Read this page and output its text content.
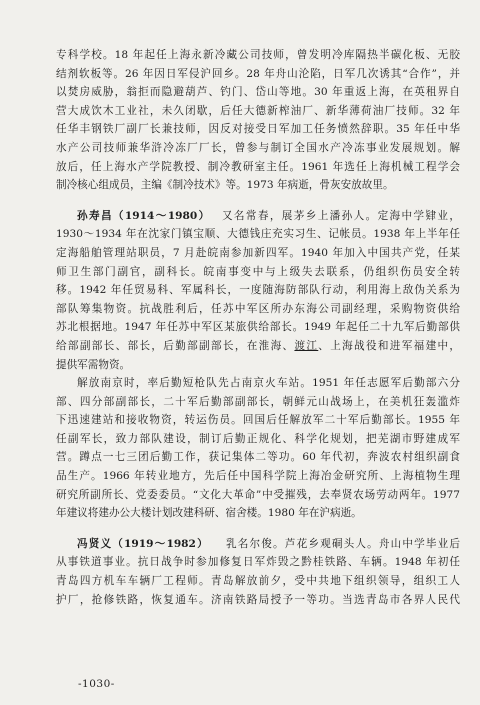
专科学校。18 年起任上海永新冷藏公司技师，曾发明冷库隔热半碳化板、无胶
结剂软板等。26 年因日军侵沪回乡。28 年舟山沦陷，日军几次诱其“合作”，并
以焚房威胁，翁拒而隐避葫芦、钓门、岱山等地。30 年重返上海，在英租界自
营大成饮木工业社，未久闭歇，后任大德新榨油厂、新华薄荷油厂技师。32 年
任华丰钢铁厂副厂长兼技师，因反对接受日军加工任务愤然辞职。35 年任中华
水产公司技师兼华浒冷冻厂厂长，曾参与制订全国水产冷冻事业发展规划。解
放后，任上海水产学院教授、制冷教研室主任。1961 年选任上海机械工程学会
制冷核心组成员，主编《制冷技术》等。1973 年病逝，骨灰安放故里。
孙寿昌（1914～1980） 又名常春，展茅乡上潘孙人。定海中学肄业，
1930～1934 年在沈家门镇宝顺、大德钱庄充实习生、记帐员。1938 年上半年任
定海船舶管理站职员，7 月赴皖南参加新四军。1940 年加入中国共产党，任某
师卫生部门副官，副科长。皖南事变中与上级失去联系，仍组织伤员安全转
移。1942 年任贸易科、军属科长，一度随海防部队行动，利用海上敌伪关系为
部队筹集物资。抗战胜利后，任苏中军区所办东海公司副经理，采购物资供给
苏北根据地。1947 年任苏中军区某旅供给部长。1949 年起任二十九军后勤部供
给部副部长、部长，后勤部副部长，在淮海、渡江、上海战役和进军福建中，
提供军需物资。
解放南京时，率后勤短枪队先占南京火车站。1951 年任志愿军后勤部六分
部、四分部副部长，二十军后勤部副部长，朝鲜元山战场上，在美机狂轰滥炸
下迅速建站和接收物资，转运伤员。回国后任解放军二十军后勤部长。1955 年
任副军长，致力部队建设，制订后勤正规化、科学化规划，把芜湖市野建成军
营。蹲点一七三团后勤工作，获记集体二等功。60 年代初，奔波农村组织副食
品生产。1966 年转业地方，先后任中国科学院上海冶金研究所、上海植物生理
研究所副所长、党委委员。“文化大革命”中受摧残，去奉贤农场劳动两年。1977
年建议将建办公大楼计划改建科研、宿舍楼。1980 年在沪病逝。
冯贤义（1919～1982） 乳名尔俊。芦花乡观硐头人。舟山中学毕业后
从事铁道事业。抗日战争时参加修复日军炸毁之黔桂铁路、车辆。1948 年初任
青岛四方机车车辆厂工程师。青岛解放前夕，受中共地下组织领导，组织工人
护厂，抢修铁路，恢复通车。济南铁路局授予一等功。当选青岛市各界人民代
-1030-
